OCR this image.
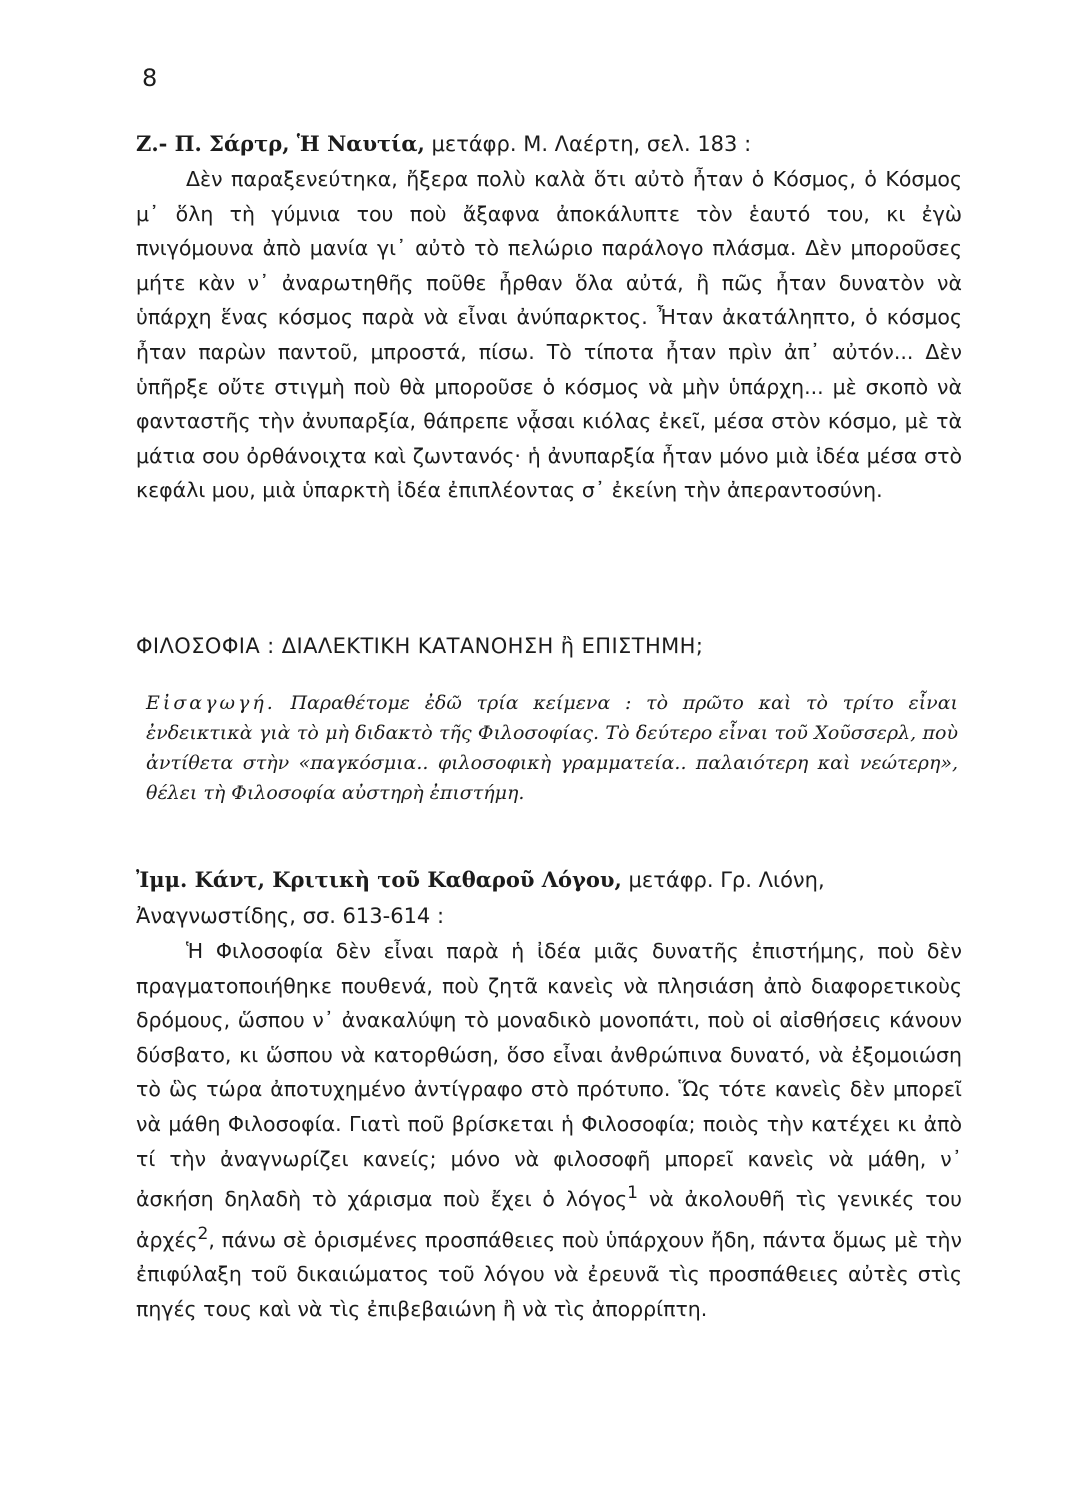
8
Ζ.- Π. Σάρτρ, Ἡ Ναυτία, μετάφρ. Μ. Λαέρτη, σελ. 183 :

Δὲν παραξενεύτηκα, ἤξερα πολὺ καλὰ ὅτι αὐτὸ ἦταν ὁ Κόσμος, ὁ Κόσμος μ᾽ ὅλη τὴ γύμνια του ποὺ ἄξαφνα ἀποκάλυπτε τὸν ἑαυτό του, κι ἐγὼ πνιγόμουνα ἀπὸ μανία γι᾽ αὐτὸ τὸ πελώριο παράλογο πλάσμα. Δὲν μποροῦσες μήτε κὰν ν᾽ ἀναρωτηθῆς ποῦθε ἦρθαν ὅλα αὐτά, ἢ πῶς ἦταν δυνατὸν νὰ ὑπάρχη ἕνας κόσμος παρὰ νὰ εἶναι ἀνύπαρκτος. Ἦταν ἀκατάληπτο, ὁ κόσμος ἦταν παρὼν παντοῦ, μπροστά, πίσω. Τὸ τίποτα ἦταν πρὶν ἀπ᾽ αὐτόν... Δὲν ὑπῆρξε οὔτε στιγμὴ ποὺ θὰ μποροῦσε ὁ κόσμος νὰ μὴν ὑπάρχη... μὲ σκοπὸ νὰ φανταστῆς τὴν ἀνυπαρξία, θάπρεπε νᾆσαι κιόλας ἐκεῖ, μέσα στὸν κόσμο, μὲ τὰ μάτια σου ὀρθάνοιχτα καὶ ζωντανός· ἡ ἀνυπαρξία ἦταν μόνο μιὰ ἰδέα μέσα στὸ κεφάλι μου, μιὰ ὑπαρκτὴ ἰδέα ἐπιπλέοντας σ᾽ ἐκείνη τὴν ἀπεραντοσύνη.

ΦΙΛΟΣΟΦΙΑ : ΔΙΑΛΕΚΤΙΚΗ ΚΑΤΑΝΟΗΣΗ ἢ ΕΠΙΣΤΗΜΗ;

Εἰσαγωγή. Παραθέτομε ἐδῶ τρία κείμενα : τὸ πρῶτο καὶ τὸ τρίτο εἶναι ἐνδεικτικὰ γιὰ τὸ μὴ διδακτὸ τῆς Φιλοσοφίας. Τὸ δεύτερο εἶναι τοῦ Χοῦσσερλ, ποὺ ἀντίθετα στὴν «παγκόσμια.. φιλοσοφικὴ γραμματεία.. παλαιότερη καὶ νεώτερη», θέλει τὴ Φιλοσοφία αὐστηρὴ ἐπιστήμη.

Ἰμμ. Κάντ, Κριτικὴ τοῦ Καθαροῦ Λόγου, μετάφρ. Γρ. Λιόνη, Ἀναγνωστίδης, σσ. 613-614 :

Ἡ Φιλοσοφία δὲν εἶναι παρὰ ἡ ἰδέα μιᾶς δυνατῆς ἐπιστήμης, ποὺ δὲν πραγματοποιήθηκε πουθενά, ποὺ ζητᾶ κανεὶς νὰ πλησιάση ἀπὸ διαφορετικοὺς δρόμους, ὥσπου ν᾽ ἀνακαλύψη τὸ μοναδικὸ μονοπάτι, ποὺ οἱ αἰσθήσεις κάνουν δύσβατο, κι ὥσπου νὰ κατορθώση, ὅσο εἶναι ἀνθρώπινα δυνατό, νὰ ἐξομοιώση τὸ ὣς τώρα ἀποτυχημένο ἀντίγραφο στὸ πρότυπο. Ὥς τότε κανεὶς δὲν μπορεῖ νὰ μάθη Φιλοσοφία. Γιατὶ ποῦ βρίσκεται ἡ Φιλοσοφία; ποιὸς τὴν κατέχει κι ἀπὸ τί τὴν ἀναγνωρίζει κανείς; μόνο νὰ φιλοσοφῆ μπορεῖ κανεὶς νὰ μάθη, ν᾽ ἀσκήση δηλαδὴ τὸ χάρισμα ποὺ ἔχει ὁ λόγος$^1$ νὰ ἀκολουθῆ τὶς γενικές του ἀρχές$^2$, πάνω σὲ ὁρισμένες προσπάθειες ποὺ ὑπάρχουν ἤδη, πάντα ὅμως μὲ τὴν ἐπιφύλαξη τοῦ δικαιώματος τοῦ λόγου νὰ ἐρευνᾶ τὶς προσπάθειες αὐτὲς στὶς πηγές τους καὶ νὰ τὶς ἐπιβεβαιώνη ἢ νὰ τὶς ἀπορρίπτη.
